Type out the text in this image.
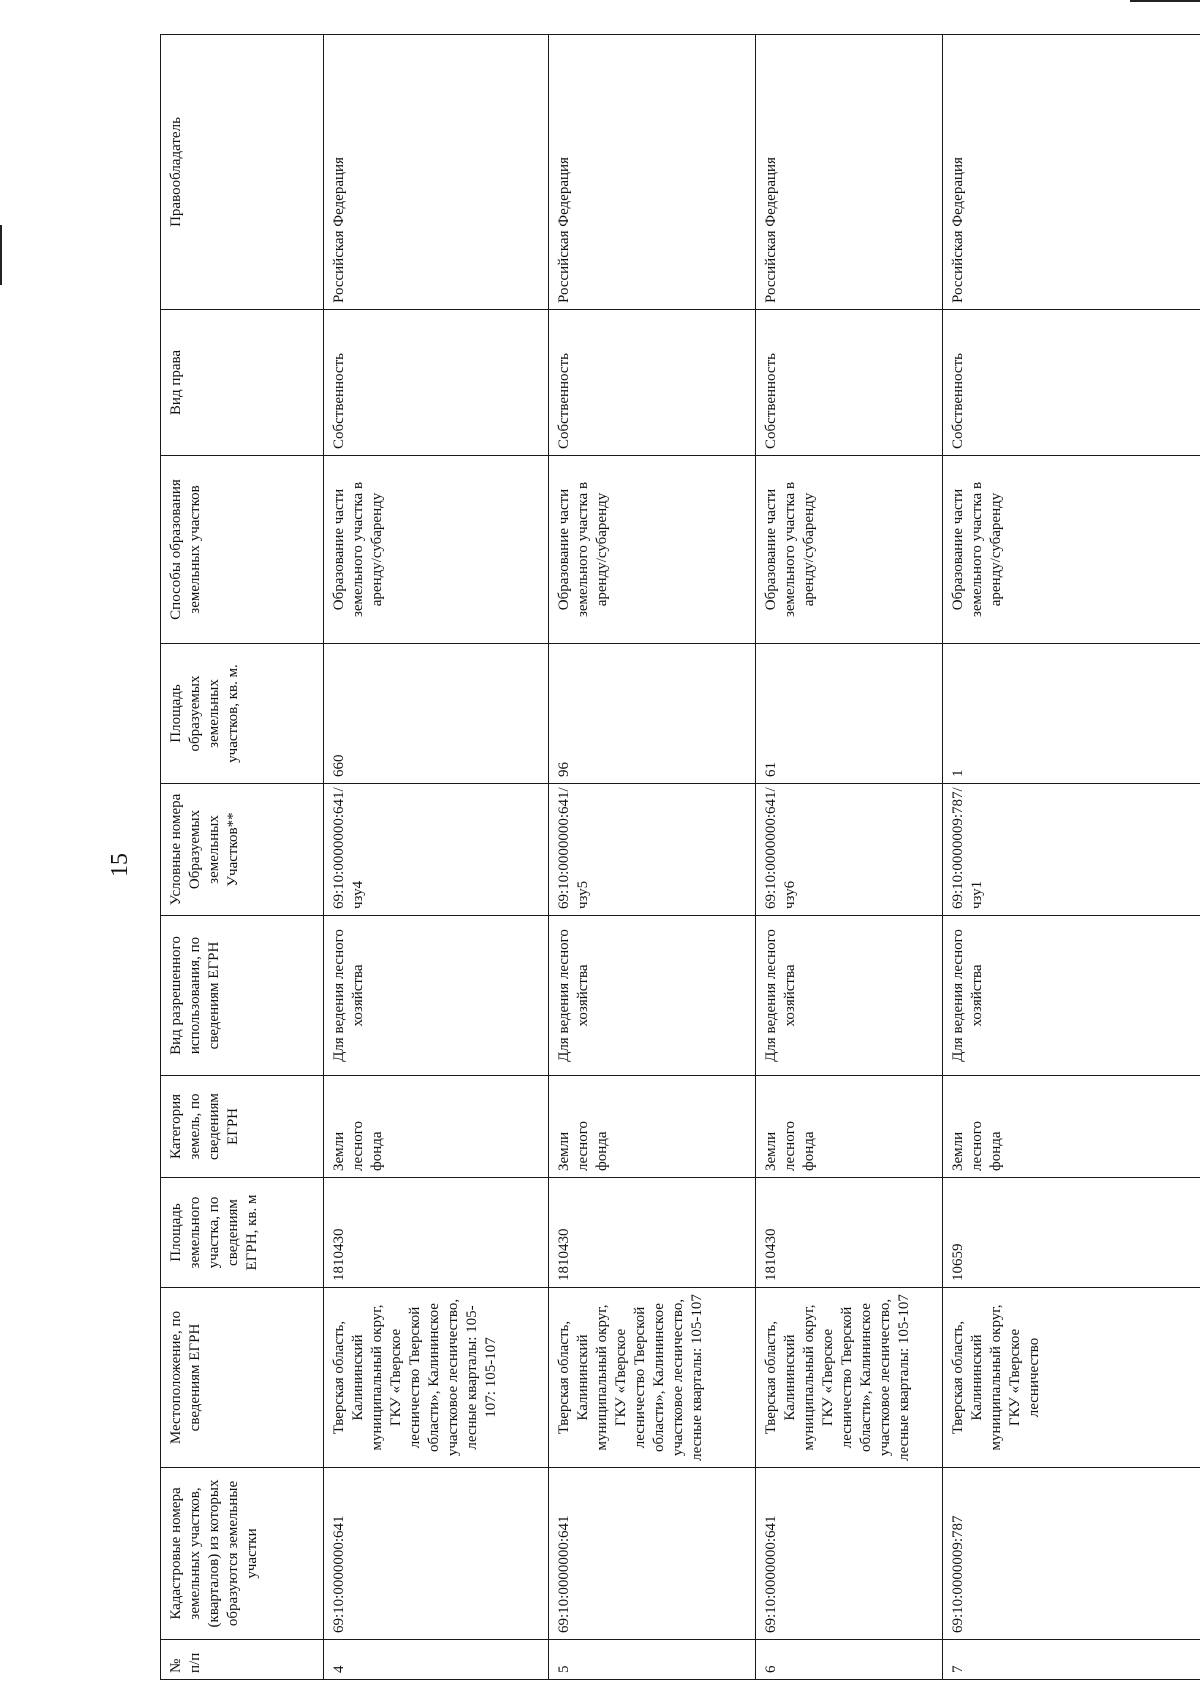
15
№ п/п	Кадастровые номера земельных участков, (кварталов) из которых образуются земельные участки	Местоположение, по сведениям ЕГРН	Площадь земельного участка, по сведениям ЕГРН, кв. м	Категория земель, по сведениям ЕГРН	Вид разрешенного использования, по сведениям ЕГРН	Условные номера Образуемых земельных Участков**	Площадь образуемых земельных участков, кв. м.	Способы образования земельных участков	Вид права	Правообладатель
4	69:10:0000000:641	Тверская область, Калининский муниципальный округ, ГКУ «Тверское лесничество Тверской области», Калининское участковое лесничество, лесные кварталы: 105-107: 105-107	1810430	Земли лесного фонда	Для ведения лесного хозяйства	69:10:0000000:641/чзу4	660	Образование части земельного участка в аренду/субаренду	Собственность	Российская Федерация
5	69:10:0000000:641	Тверская область, Калининский муниципальный округ, ГКУ «Тверское лесничество Тверской области», Калининское участковое лесничество, лесные кварталы: 105-107	1810430	Земли лесного фонда	Для ведения лесного хозяйства	69:10:0000000:641/чзу5	96	Образование части земельного участка в аренду/субаренду	Собственность	Российская Федерация
6	69:10:0000000:641	Тверская область, Калининский муниципальный округ, ГКУ «Тверское лесничество Тверской области», Калининское участковое лесничество, лесные кварталы: 105-107	1810430	Земли лесного фонда	Для ведения лесного хозяйства	69:10:0000000:641/чзу6	61	Образование части земельного участка в аренду/субаренду	Собственность	Российская Федерация
7	69:10:0000009:787	Тверская область, Калининский муниципальный округ, ГКУ «Тверское лесничество	10659	Земли лесного фонда	Для ведения лесного хозяйства	69:10:0000009:787/чзу1	1	Образование части земельного участка в аренду/субаренду	Собственность	Российская Федерация
